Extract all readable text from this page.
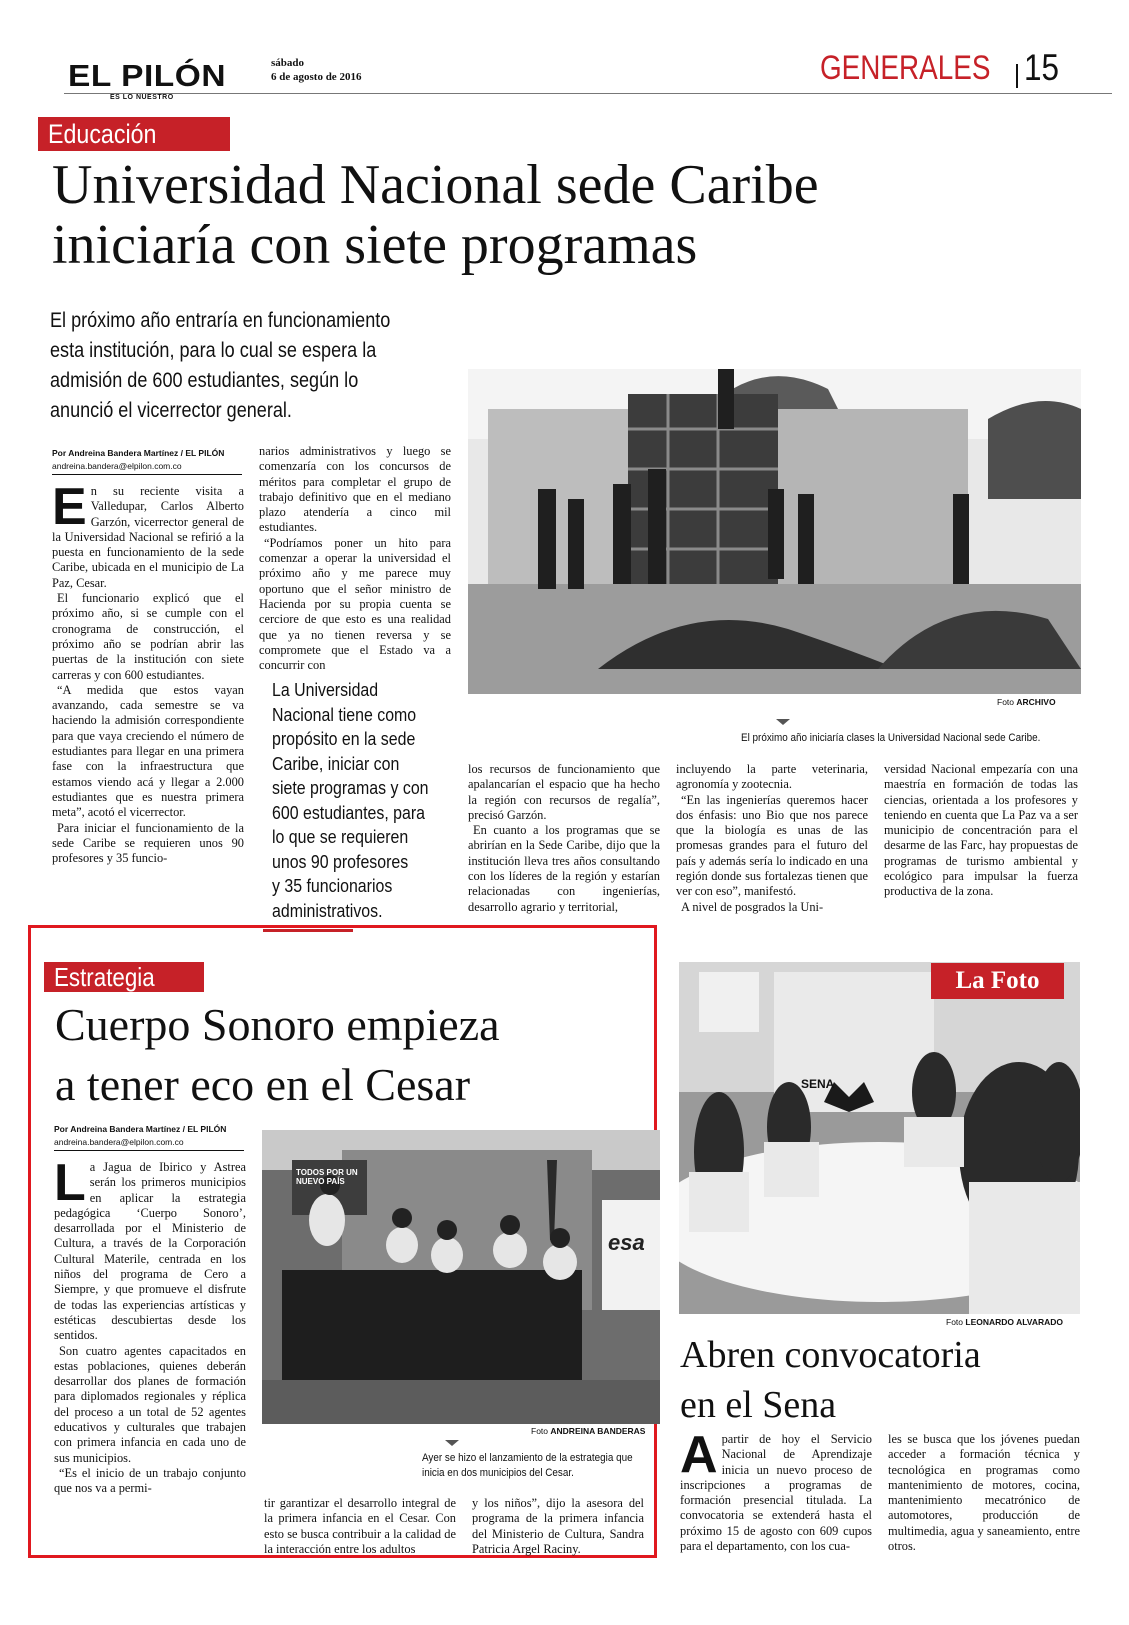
EL PILÓN
ES LO NUESTRO
sábado
6 de agosto de 2016	GENERALES 15
Educación
Universidad Nacional sede Caribe
iniciaría con siete programas
El próximo año entraría en funcionamiento
esta institución, para lo cual se espera la
admisión de 600 estudiantes, según lo
anunció el vicerrector general.
Por Andreina Bandera Martínez / EL PILÓN
andreina.bandera@elpilon.com.co
E n su reciente visita a Valledupar, Carlos Alberto Garzón, vicerrector general de la Universidad Nacional se refirió a la puesta en funcionamiento de la sede Caribe, ubicada en el municipio de La Paz, Cesar.

El funcionario explicó que el próximo año, si se cumple con el cronograma de construcción, el próximo año se podrían abrir las puertas de la institución con siete carreras y con 600 estudiantes.

“A medida que estos vayan avanzando, cada semestre se va haciendo la admisión correspondiente para que vaya creciendo el número de estudiantes para llegar en una primera fase con la infraestructura que estamos viendo acá y llegar a 2.000 estudiantes que es nuestra primera meta”, acotó el vicerrector.

Para iniciar el funcionamiento de la sede Caribe se requieren unos 90 profesores y 35 funcio-

narios administrativos y luego se comenzaría con los concursos de méritos para completar el grupo de trabajo definitivo que en el mediano plazo atendería a cinco mil estudiantes.

“Podríamos poner un hito para comenzar a operar la universidad el próximo año y me parece muy oportuno que el señor ministro de Hacienda por su propia cuenta se cerciore de que esto es una realidad que ya no tienen reversa y se compromete que el Estado va a concurrir con

La Universidad
Nacional tiene como
propósito en la sede
Caribe, iniciar con
siete programas y con
600 estudiantes, para
lo que se requieren
unos 90 profesores
y 35 funcionarios
administrativos.
Foto ARCHIVO
El próximo año iniciaría clases la Universidad Nacional sede Caribe.

los recursos de funcionamiento que apalancarían el espacio que ha hecho la región con recursos de regalía”, precisó Garzón.

En cuanto a los programas que se abrirían en la Sede Caribe, dijo que la institución lleva tres años consultando con los líderes de la región y estarían relacionadas con ingenierías, desarrollo agrario y territorial,

incluyendo la parte veterinaria, agronomía y zootecnia.

“En las ingenierías queremos hacer dos énfasis: uno Bio que nos parece que la biología es unas de las promesas grandes para el futuro del país y además sería lo indicado en una región donde sus fortalezas tienen que ver con eso”, manifestó.

A nivel de posgrados la Uni-

versidad Nacional empezaría con una maestría en formación de todas las ciencias, orientada a los profesores y teniendo en cuenta que La Paz va a ser municipio de concentración para el desarme de las Farc, hay propuestas de programas de turismo ambiental y ecológico para impulsar la fuerza productiva de la zona.

Estrategia
Cuerpo Sonoro empieza
a tener eco en el Cesar
Por Andreina Bandera Martínez / EL PILÓN
andreina.bandera@elpilon.com.co
L a Jagua de Ibirico y Astrea serán los primeros municipios en aplicar la estrategia pedagógica ‘Cuerpo Sonoro’, desarrollada por el Ministerio de Cultura, a través de la Corporación Cultural Materile, centrada en los niños del programa de Cero a Siempre, y que promueve el disfrute de todas las experiencias artísticas y estéticas descubiertas desde los sentidos.

Son cuatro agentes capacitados en estas poblaciones, quienes deberán desarrollar dos planes de formación para diplomados regionales y réplica del proceso a un total de 52 agentes educativos y culturales que trabajen con primera infancia en cada uno de sus municipios.

“Es el inicio de un trabajo conjunto que nos va a permi-

TODOS POR UN NUEVO PAÍS
esa
Foto ANDREINA BANDERAS
Ayer se hizo el lanzamiento de la estrategia que
inicia en dos municipios del Cesar.

tir garantizar el desarrollo integral de la primera infancia en el Cesar. Con esto se busca contribuir a la calidad de la interacción entre los adultos

y los niños”, dijo la asesora del programa de la primera infancia del Ministerio de Cultura, Sandra Patricia Argel Raciny.

SENA
La Foto
Foto LEONARDO ALVARADO
Abren convocatoria
en el Sena
A partir de hoy el Servicio Nacional de Aprendizaje inicia un nuevo proceso de inscripciones a programas de formación presencial titulada. La convocatoria se extenderá hasta el próximo 15 de agosto con 609 cupos para el departamento, con los cua-

les se busca que los jóvenes puedan acceder a formación técnica y tecnológica en programas como mantenimiento de motores, cocina, mantenimiento mecatrónico de automotores, producción de multimedia, agua y saneamiento, entre otros.
